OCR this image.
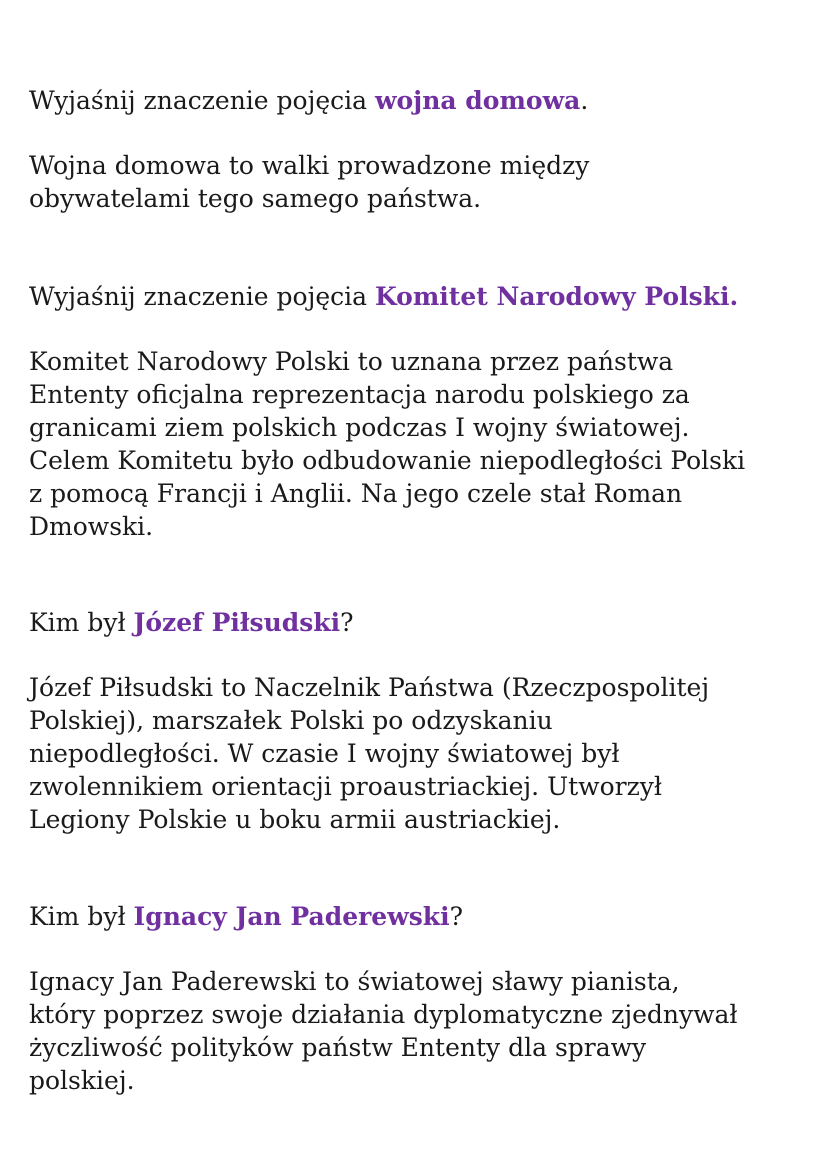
Wyjaśnij znaczenie pojęcia wojna domowa.

Wojna domowa to walki prowadzone między
obywatelami tego samego państwa.

Wyjaśnij znaczenie pojęcia Komitet Narodowy Polski.

Komitet Narodowy Polski to uznana przez państwa
Ententy oficjalna reprezentacja narodu polskiego za
granicami ziem polskich podczas I wojny światowej.
Celem Komitetu było odbudowanie niepodległości Polski
z pomocą Francji i Anglii. Na jego czele stał Roman
Dmowski.

Kim był Józef Piłsudski?

Józef Piłsudski to Naczelnik Państwa (Rzeczpospolitej
Polskiej), marszałek Polski po odzyskaniu
niepodległości. W czasie I wojny światowej był
zwolennikiem orientacji proaustriackiej. Utworzył
Legiony Polskie u boku armii austriackiej.

Kim był Ignacy Jan Paderewski?

Ignacy Jan Paderewski to światowej sławy pianista,
który poprzez swoje działania dyplomatyczne zjednywał
życzliwość polityków państw Ententy dla sprawy
polskiej.
